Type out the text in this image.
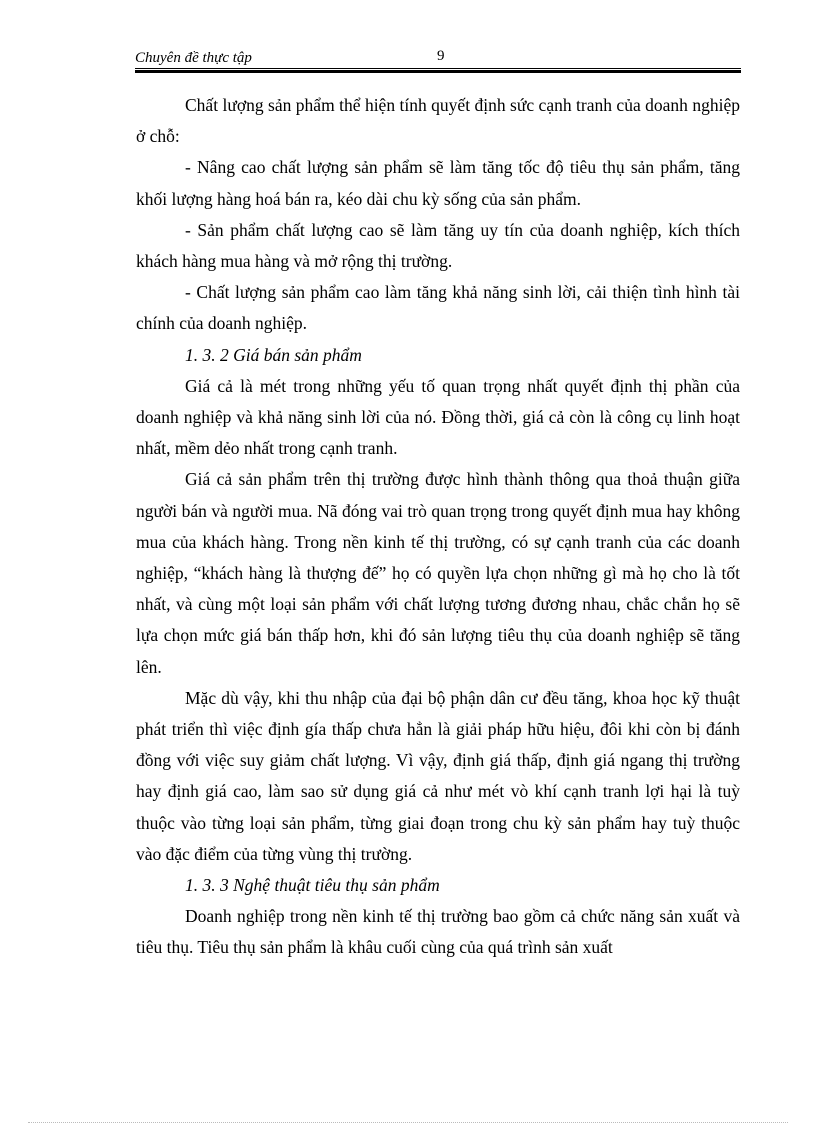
Chuyên đề thực tập	9

Chất lượng sản phẩm thể hiện tính quyết định sức cạnh tranh của doanh nghiệp ở chỗ:

- Nâng cao chất lượng sản phẩm sẽ làm tăng tốc độ tiêu thụ sản phẩm, tăng khối lượng hàng hoá bán ra, kéo dài chu kỳ sống của sản phẩm.

- Sản phẩm chất lượng cao sẽ làm tăng uy tín của doanh nghiệp, kích thích khách hàng mua hàng và mở rộng thị trường.

- Chất lượng sản phẩm cao làm tăng khả năng sinh lời, cải thiện tình hình tài chính của doanh nghiệp.

1. 3. 2 Giá bán sản phẩm

Giá cả là mét trong những yếu tố quan trọng nhất quyết định thị phần của doanh nghiệp và khả năng sinh lời của nó. Đồng thời, giá cả còn là công cụ linh hoạt nhất, mềm dẻo nhất trong cạnh tranh.

Giá cả sản phẩm trên thị trường được hình thành thông qua thoả thuận giữa người bán và người mua. Nã đóng vai trò quan trọng trong quyết định mua hay không mua của khách hàng. Trong nền kinh tế thị trường, có sự cạnh tranh của các doanh nghiệp, “khách hàng là thượng đế” họ có quyền lựa chọn những gì mà họ cho là tốt nhất, và cùng một loại sản phẩm với chất lượng tương đương nhau, chắc chắn họ sẽ lựa chọn mức giá bán thấp hơn, khi đó sản lượng tiêu thụ của doanh nghiệp sẽ tăng lên.

Mặc dù vậy, khi thu nhập của đại bộ phận dân cư đều tăng, khoa học kỹ thuật phát triển thì việc định gía thấp chưa hẳn là giải pháp hữu hiệu, đôi khi còn bị đánh đồng với việc suy giảm chất lượng. Vì vậy, định giá thấp, định giá ngang thị trường hay định giá cao, làm sao sử dụng giá cả như mét vò khí cạnh tranh lợi hại là tuỳ thuộc vào từng loại sản phẩm, từng giai đoạn trong chu kỳ sản phẩm hay tuỳ thuộc vào đặc điểm của từng vùng thị trường.

1. 3. 3 Nghệ thuật tiêu thụ sản phẩm

Doanh nghiệp trong nền kinh tế thị trường bao gồm cả chức năng sản xuất và tiêu thụ. Tiêu thụ sản phẩm là khâu cuối cùng của quá trình sản xuất
